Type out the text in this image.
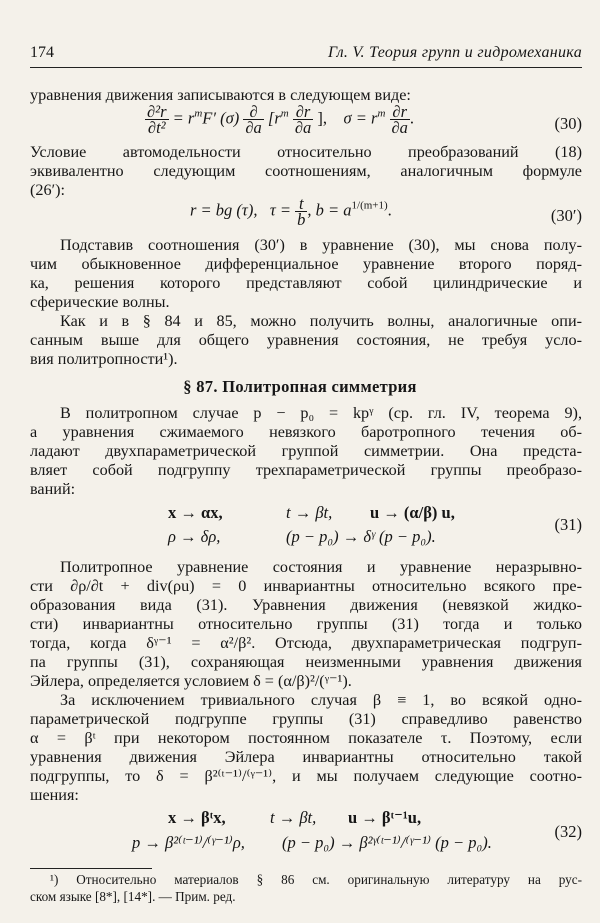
174	Гл. V. Теория групп и гидромеханика
уравнения движения записываются в следующем виде:
$\frac{\text{∂²r}}{\text{∂t²}} = r^mF'$ $(\sigma) \frac{\partial}{\partial a} [r^m \frac{\partial r}{\partial a}$ ], $\sigma = r^m \frac{\partial r}{\partial a}$ .	(30)
Условие автомодельности относительно преобразований (18)
эквивалентно следующим соотношениям, аналогичным формуле
(26′):
r = bg (τ), $\tau = \frac{t}{b}$ , $b = a^{1/(m+1)}$.	(30′)
Подставив соотношения (30′) в уравнение (30), мы снова полу-
чим обыкновенное дифференциальное уравнение второго поряд-
ка, решения которого представляют собой цилиндрические и
сферические волны.
Как и в § 84 и 85, можно получить волны, аналогичные опи-
санным выше для общего уравнения состояния, не требуя усло-
вия политропности¹).
§ 87. Политропная симметрия
В политропном случае p − p₀ = kpᵞ (ср. гл. IV, теорема 9),
а уравнения сжимаемого невязкого баротропного течения об-
ладают двухпараметрической группой симметрии. Она предста-
вляет собой подгруппу трехпараметрической группы преобразо-
ваний:
x → αx,	t → βt, u → (α/β) u,
ρ → δρ,	(p − p₀) → δᵞ (p − p₀).
(31)
Политропное уравнение состояния и уравнение неразрывно-
сти ∂ρ/∂t + div(ρu) = 0 инвариантны относительно всякого пре-
образования вида (31). Уравнения движения (невязкой жидко-
сти) инвариантны относительно группы (31) тогда и только
тогда, когда δᵞ⁻¹ = α²/β². Отсюда, двухпараметрическая подгруп-
па группы (31), сохраняющая неизменными уравнения движения
Эйлера, определяется условием δ = (α/β)²/(ᵞ⁻¹).
За исключением тривиального случая β ≡ 1, во всякой одно-
параметрической подгруппе группы (31) справедливо равенство
α = βᵗ при некотором постоянном показателе τ. Поэтому, если
уравнения движения Эйлера инвариантны относительно такой
подгруппы, то δ = β²⁽ᵗ⁻¹⁾/⁽ᵞ⁻¹⁾, и мы получаем следующие соотно-
шения:
x → βᵗx,	t → βt, u → βᵗ⁻¹u,
p → β²⁽ᵗ⁻¹⁾/⁽ᵞ⁻¹⁾ρ, (p − p₀) → β²ᵞ⁽ᵗ⁻¹⁾/⁽ᵞ⁻¹⁾ (p − p₀).
(32)
¹) Относительно материалов § 86 см. оригинальную литературу на рус-
ском языке [8*], [14*]. — Прим. ред.
